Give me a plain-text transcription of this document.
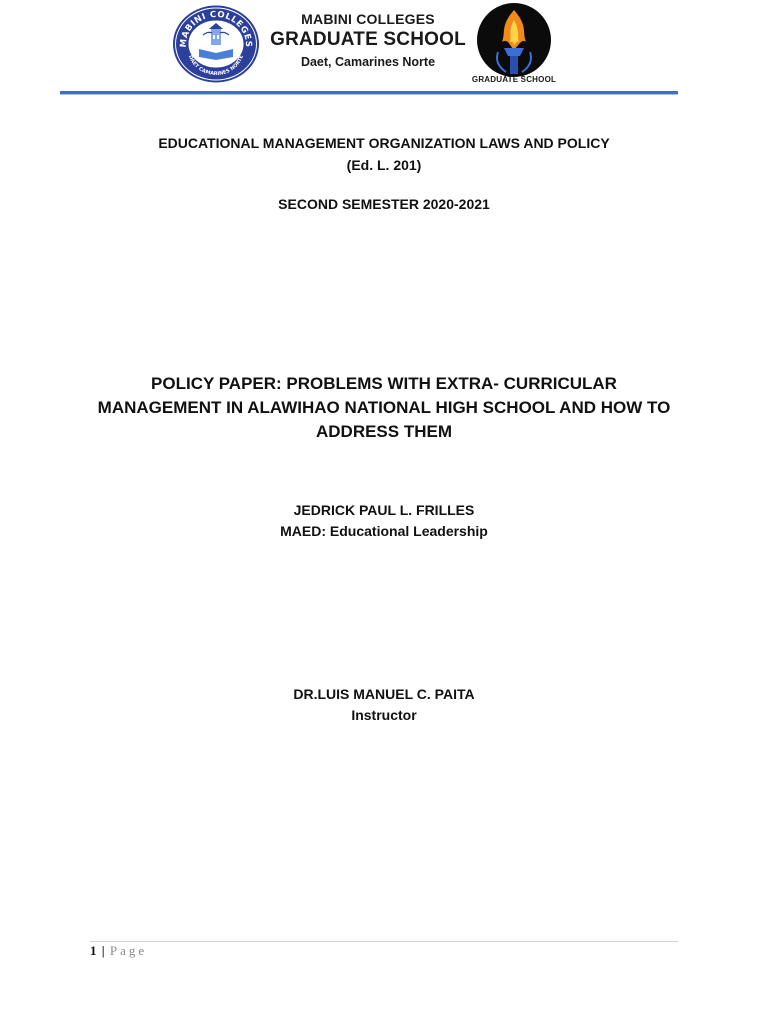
MABINI COLLEGES
DAET CAMARINES NORTE
MABINI COLLEGES
GRADUATE SCHOOL
Daet, Camarines Norte
GRADUATE SCHOOL
EDUCATIONAL MANAGEMENT ORGANIZATION LAWS AND POLICY
(Ed. L. 201)
SECOND SEMESTER 2020-2021
POLICY PAPER: PROBLEMS WITH EXTRA- CURRICULAR MANAGEMENT IN ALAWIHAO NATIONAL HIGH SCHOOL AND HOW TO ADDRESS THEM
JEDRICK PAUL L. FRILLES
MAED: Educational Leadership
DR.LUIS MANUEL C. PAITA
Instructor
1 | Page
